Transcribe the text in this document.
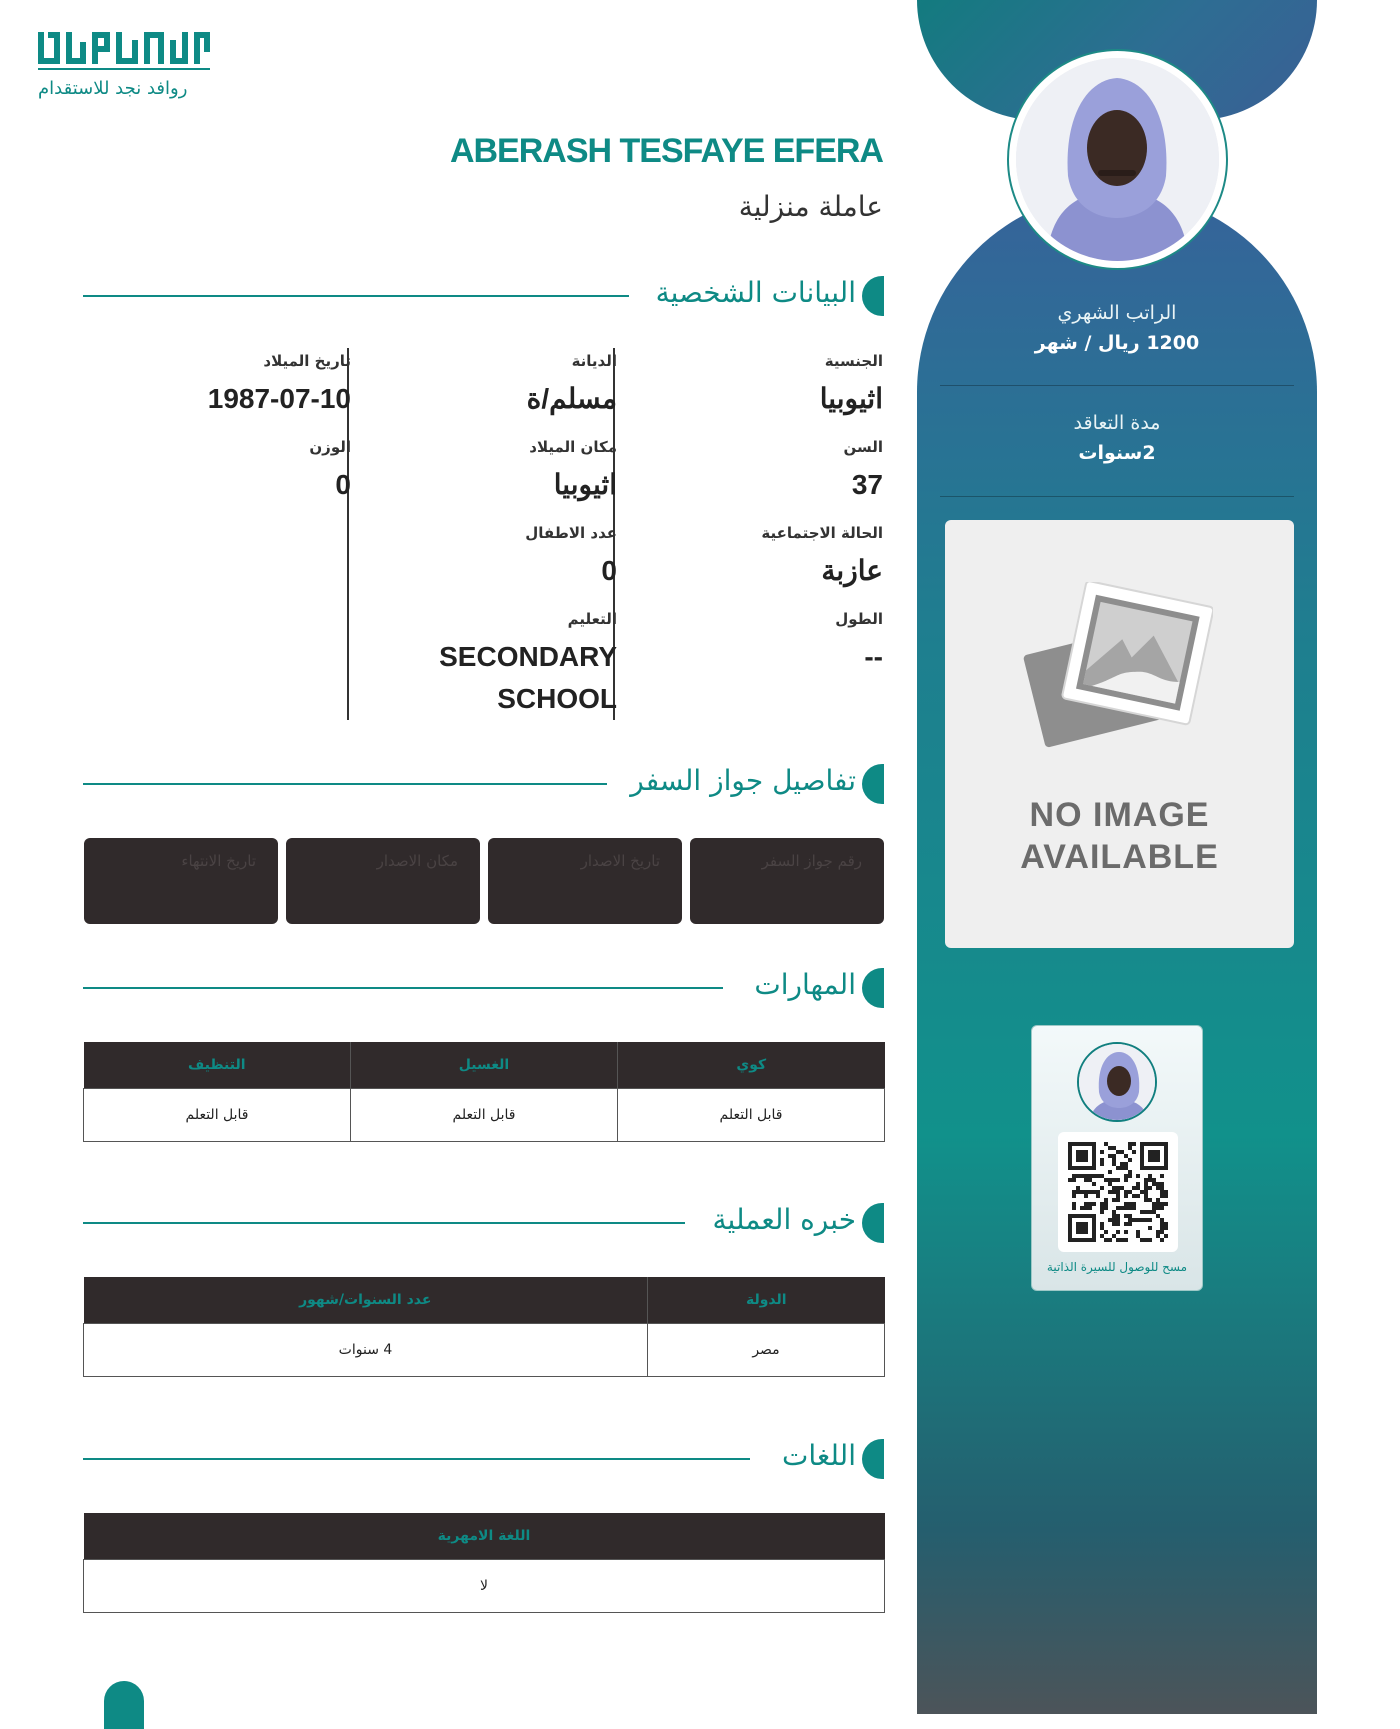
روافد نجد للاستقدام
ABERASH TESFAYE EFERA
عاملة منزلية
البيانات الشخصية
الجنسية
اثيوبيا
السن
37
الحالة الاجتماعية
عازبة
الطول
--
الديانة
مسلم/ة
مكان الميلاد
اثيوبيا
عدد الاطفال
0
التعليم
SECONDARY SCHOOL
تاريخ الميلاد
1987-07-10
الوزن
0
تفاصيل جواز السفر
رقم جواز السفر
تاريخ الاصدار
مكان الاصدار
تاريخ الانتهاء
المهارات
كوي	الغسيل	التنظيف
قابل التعلم	قابل التعلم	قابل التعلم
خبره العملية
الدولة	عدد السنوات/شهور
مصر	4 سنوات
اللغات
اللغة الامهرية
لا
الراتب الشهري
1200 ريال / شهر
مدة التعاقد
2سنوات
NO IMAGE
AVAILABLE
مسح للوصول للسيرة الذاتية
